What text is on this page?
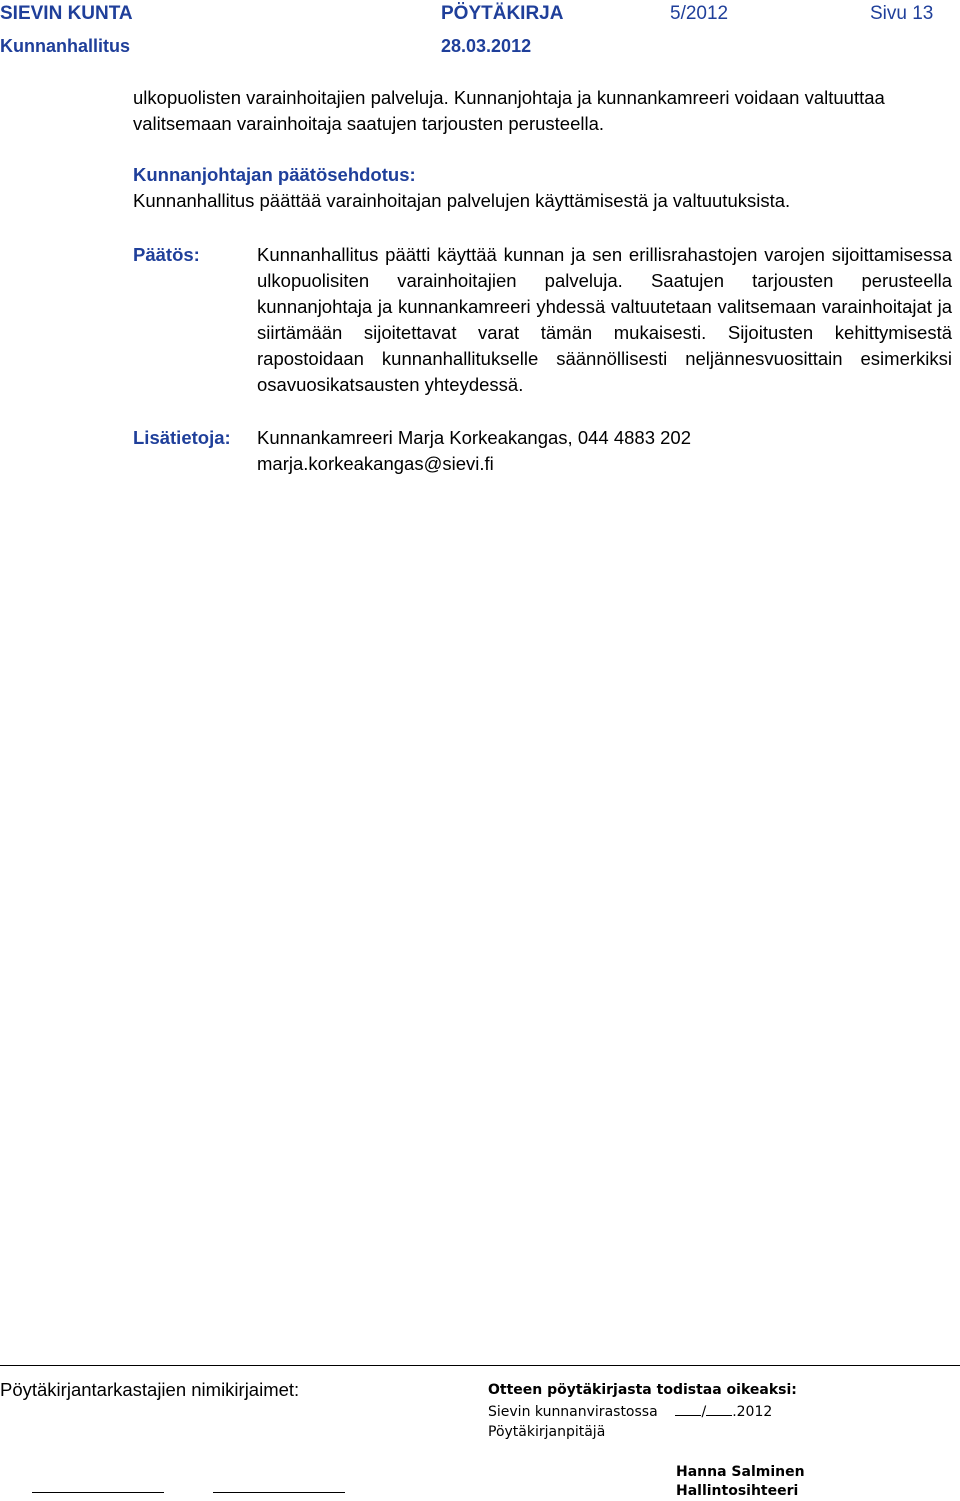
SIEVIN KUNTA
Kunnanhallitus
PÖYTÄKIRJA
28.03.2012
5/2012	Sivu 13

ulkopuolisten varainhoitajien palveluja. Kunnanjohtaja ja kunnankamreeri voidaan valtuuttaa valitsemaan varainhoitaja saatujen tarjousten perusteella.

Kunnanjohtajan päätösehdotus:

Kunnanhallitus päättää varainhoitajan palvelujen käyttämisestä ja valtuutuksista.

Päätös:	Kunnanhallitus päätti käyttää kunnan ja sen erillisrahastojen varojen sijoittamisessa ulkopuolisiten varainhoitajien palveluja. Saatujen tarjousten perusteella kunnanjohtaja ja kunnankamreeri yhdessä valtuutetaan valitsemaan varainhoitajat ja siirtämään sijoitettavat varat tämän mukaisesti. Sijoitusten kehittymisestä rapostoidaan kunnanhallitukselle säännöllisesti neljännesvuosittain esimerkiksi osavuosikatsausten yhteydessä.

Lisätietoja: Kunnankamreeri Marja Korkeakangas, 044 4883 202
marja.korkeakangas@sievi.fi
Pöytäkirjantarkastajien nimikirjaimet:	Otteen pöytäkirjasta todistaa oikeaksi:
Sievin kunnanvirastossa	/ .2012
Pöytäkirjanpitäjä
Hanna Salminen
Hallintosihteeri
